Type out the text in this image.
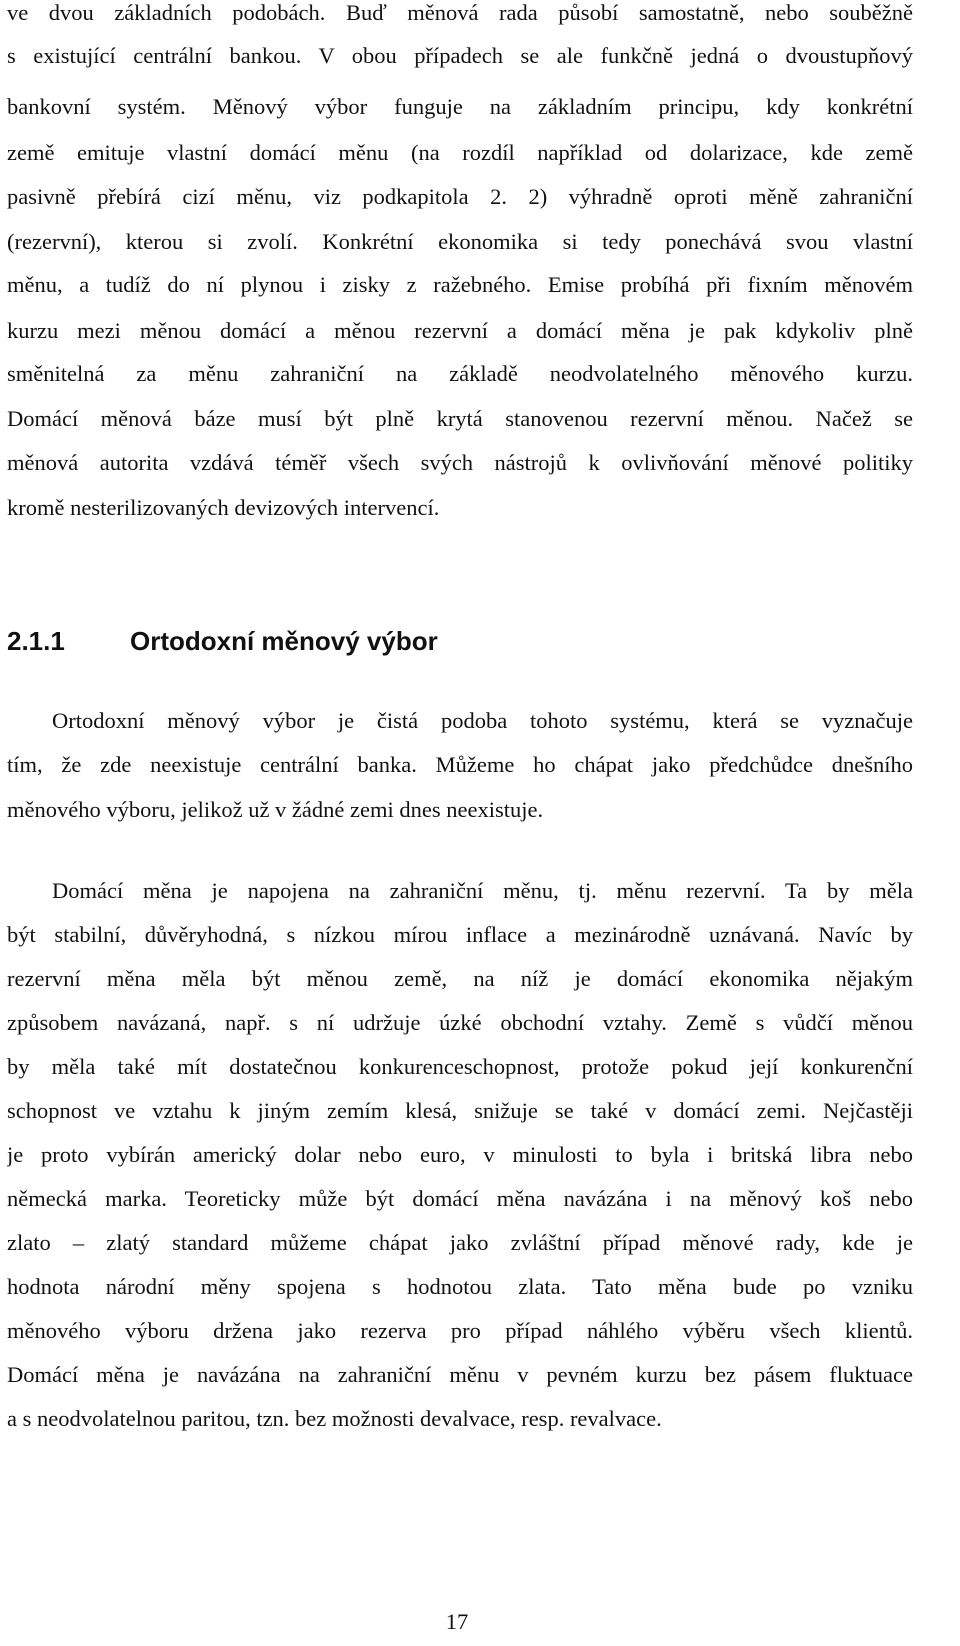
ve dvou základních podobách. Buď měnová rada působí samostatně, nebo souběžně
s existující centrální bankou. V obou případech se ale funkčně jedná o dvoustupňový
bankovní systém. Měnový výbor funguje na základním principu, kdy konkrétní
země emituje vlastní domácí měnu (na rozdíl například od dolarizace, kde země
pasivně přebírá cizí měnu, viz podkapitola 2. 2) výhradně oproti měně zahraniční
(rezervní), kterou si zvolí. Konkrétní ekonomika si tedy ponechává svou vlastní
měnu, a tudíž do ní plynou i zisky z ražebného. Emise probíhá při fixním měnovém
kurzu mezi měnou domácí a měnou rezervní a domácí měna je pak kdykoliv plně
směnitelná za měnu zahraniční na základě neodvolatelného měnového kurzu.
Domácí měnová báze musí být plně krytá stanovenou rezervní měnou. Načež se
měnová autorita vzdává téměř všech svých nástrojů k ovlivňování měnové politiky
kromě nesterilizovaných devizových intervencí.
2.1.1	Ortodoxní měnový výbor
Ortodoxní měnový výbor je čistá podoba tohoto systému, která se vyznačuje
tím, že zde neexistuje centrální banka. Můžeme ho chápat jako předchůdce dnešního
měnového výboru, jelikož už v žádné zemi dnes neexistuje.
Domácí měna je napojena na zahraniční měnu, tj. měnu rezervní. Ta by měla
být stabilní, důvěryhodná, s nízkou mírou inflace a mezinárodně uznávaná. Navíc by
rezervní měna měla být měnou země, na níž je domácí ekonomika nějakým
způsobem navázaná, např. s ní udržuje úzké obchodní vztahy. Země s vůdčí měnou
by měla také mít dostatečnou konkurenceschopnost, protože pokud její konkurenční
schopnost ve vztahu k jiným zemím klesá, snižuje se také v domácí zemi. Nejčastěji
je proto vybírán americký dolar nebo euro, v minulosti to byla i britská libra nebo
německá marka. Teoreticky může být domácí měna navázána i na měnový koš nebo
zlato – zlatý standard můžeme chápat jako zvláštní případ měnové rady, kde je
hodnota národní měny spojena s hodnotou zlata. Tato měna bude po vzniku
měnového výboru držena jako rezerva pro případ náhlého výběru všech klientů.
Domácí měna je navázána na zahraniční měnu v pevném kurzu bez pásem fluktuace
a s neodvolatelnou paritou, tzn. bez možnosti devalvace, resp. revalvace.
17
